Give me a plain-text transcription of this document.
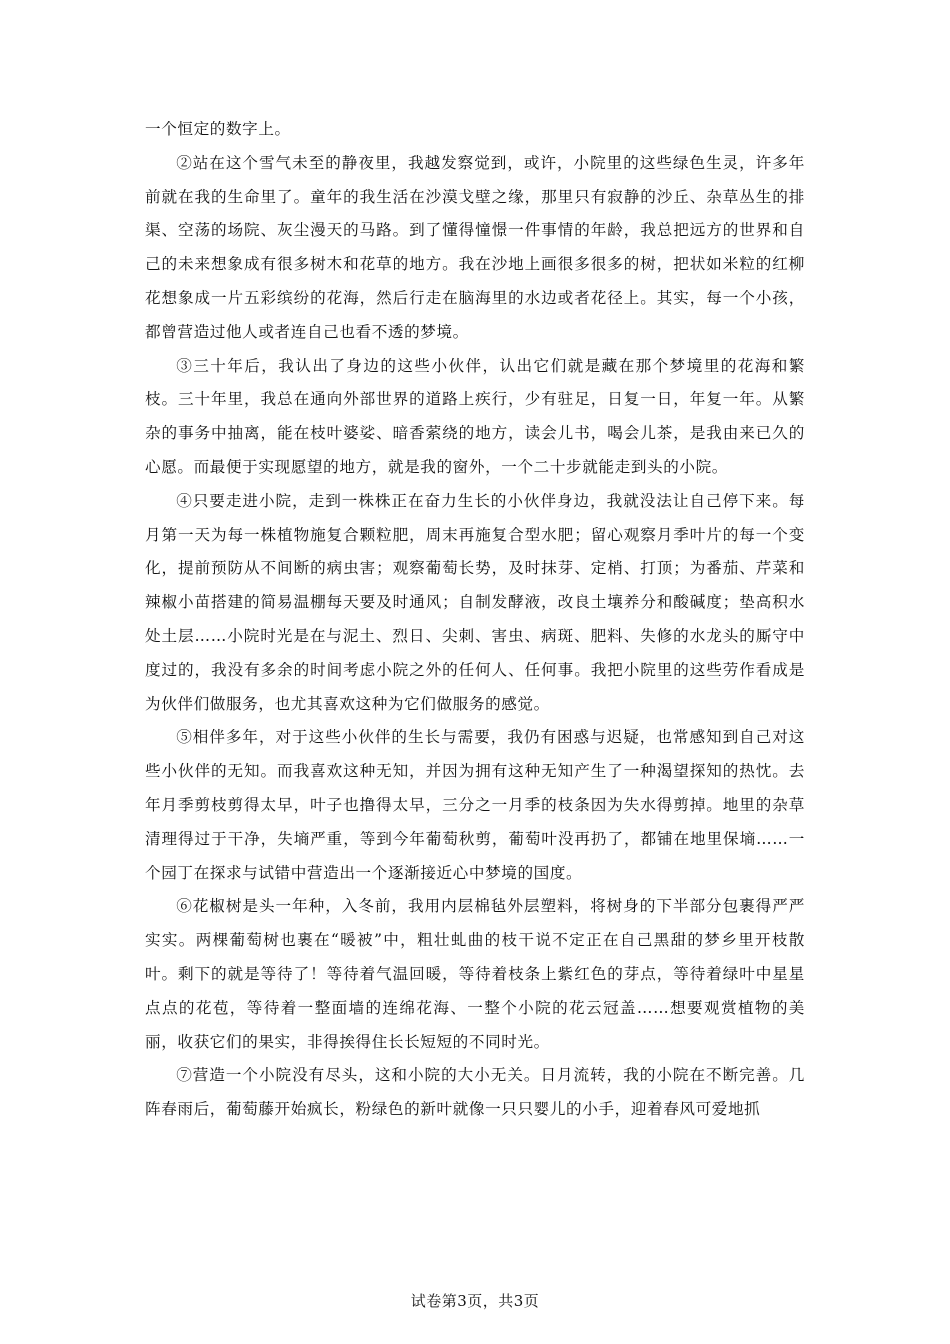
一个恒定的数字上。

②站在这个雪气未至的静夜里，我越发察觉到，或许，小院里的这些绿色生灵，许多年前就在我的生命里了。童年的我生活在沙漠戈壁之缘，那里只有寂静的沙丘、杂草丛生的排渠、空荡的场院、灰尘漫天的马路。到了懂得憧憬一件事情的年龄，我总把远方的世界和自己的未来想象成有很多树木和花草的地方。我在沙地上画很多很多的树，把状如米粒的红柳花想象成一片五彩缤纷的花海，然后行走在脑海里的水边或者花径上。其实，每一个小孩，都曾营造过他人或者连自己也看不透的梦境。

③三十年后，我认出了身边的这些小伙伴，认出它们就是藏在那个梦境里的花海和繁枝。三十年里，我总在通向外部世界的道路上疾行，少有驻足，日复一日，年复一年。从繁杂的事务中抽离，能在枝叶婆娑、暗香萦绕的地方，读会儿书，喝会儿茶，是我由来已久的心愿。而最便于实现愿望的地方，就是我的窗外，一个二十步就能走到头的小院。

④只要走进小院，走到一株株正在奋力生长的小伙伴身边，我就没法让自己停下来。每月第一天为每一株植物施复合颗粒肥，周末再施复合型水肥；留心观察月季叶片的每一个变化，提前预防从不间断的病虫害；观察葡萄长势，及时抹芽、定梢、打顶；为番茄、芹菜和辣椒小苗搭建的简易温棚每天要及时通风；自制发酵液，改良土壤养分和酸碱度；垫高积水处土层……小院时光是在与泥土、烈日、尖刺、害虫、病斑、肥料、失修的水龙头的厮守中度过的，我没有多余的时间考虑小院之外的任何人、任何事。我把小院里的这些劳作看成是为伙伴们做服务，也尤其喜欢这种为它们做服务的感觉。

⑤相伴多年，对于这些小伙伴的生长与需要，我仍有困惑与迟疑，也常感知到自己对这些小伙伴的无知。而我喜欢这种无知，并因为拥有这种无知产生了一种渴望探知的热忱。去年月季剪枝剪得太早，叶子也撸得太早，三分之一月季的枝条因为失水得剪掉。地里的杂草清理得过于干净，失墒严重，等到今年葡萄秋剪，葡萄叶没再扔了，都铺在地里保墒……一个园丁在探求与试错中营造出一个逐渐接近心中梦境的国度。

⑥花椒树是头一年种，入冬前，我用内层棉毡外层塑料，将树身的下半部分包裹得严严实实。两棵葡萄树也裹在“暖被”中，粗壮虬曲的枝干说不定正在自己黑甜的梦乡里开枝散叶。剩下的就是等待了！等待着气温回暖，等待着枝条上紫红色的芽点，等待着绿叶中星星点点的花苞，等待着一整面墙的连绵花海、一整个小院的花云冠盖……想要观赏植物的美丽，收获它们的果实，非得挨得住长长短短的不同时光。

⑦营造一个小院没有尽头，这和小院的大小无关。日月流转，我的小院在不断完善。几阵春雨后，葡萄藤开始疯长，粉绿色的新叶就像一只只婴儿的小手，迎着春风可爱地抓

试卷第3页，共3页
